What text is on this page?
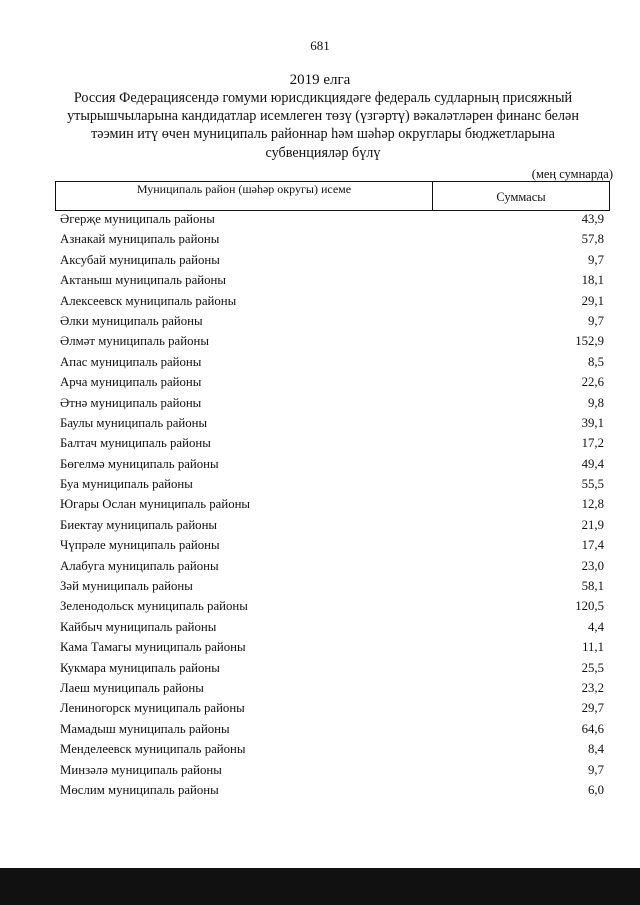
681
2019 елга
Россия Федерациясендә гомуми юрисдикциядәге федераль судларның присяжный утырышчыларына кандидатлар исемлеген төзү (үзгәртү) вәкаләтләрен финанс белән тәэмин итү өчен муниципаль районнар һәм шәһәр округлары бюджетларына субвенцияләр бүлү
(мең сумнарда)
Муниципаль район (шәһәр округы) исеме
Суммасы
Әгерҗе муниципаль районы	43,9
Азнакай муниципаль районы	57,8
Аксубай муниципаль районы	9,7
Актаныш муниципаль районы	18,1
Алексеевск муниципаль районы	29,1
Әлки муниципаль районы	9,7
Әлмәт муниципаль районы	152,9
Апас муниципаль районы	8,5
Арча муниципаль районы	22,6
Әтнә муниципаль районы	9,8
Баулы муниципаль районы	39,1
Балтач муниципаль районы	17,2
Бөгелмә муниципаль районы	49,4
Буа муниципаль районы	55,5
Югары Ослан муниципаль районы	12,8
Биектау муниципаль районы	21,9
Чүпрәле муниципаль районы	17,4
Алабуга муниципаль районы	23,0
Зәй муниципаль районы	58,1
Зеленодольск муниципаль районы	120,5
Кайбыч муниципаль районы	4,4
Кама Тамагы муниципаль районы	11,1
Кукмара муниципаль районы	25,5
Лаеш муниципаль районы	23,2
Лениногорск муниципаль районы	29,7
Мамадыш муниципаль районы	64,6
Менделеевск муниципаль районы	8,4
Минзәлә муниципаль районы	9,7
Мөслим муниципаль районы	6,0
